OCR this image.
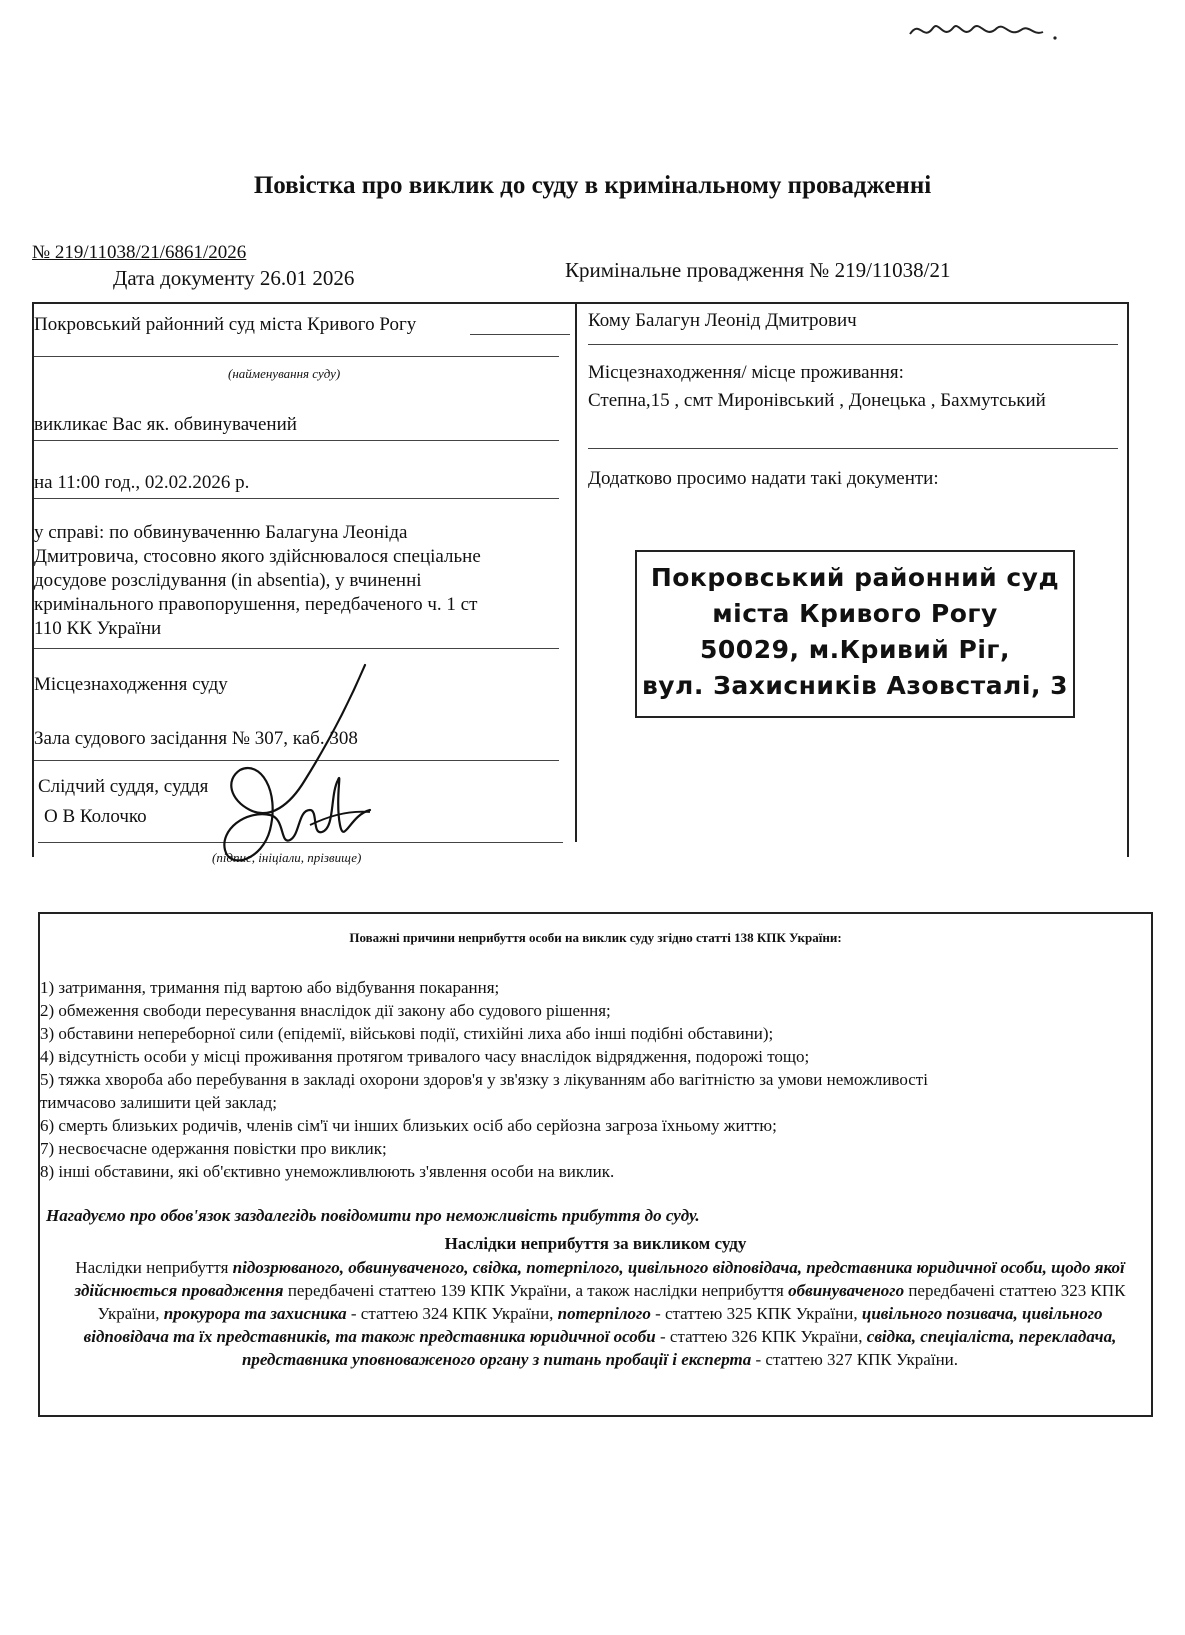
Повістка про виклик до суду в кримінальному провадженні
№ 219/11038/21/6861/2026
Дата документу 26.01 2026	Кримінальне провадження № 219/11038/21
Покровський районний суд міста Кривого Рогу
(найменування суду)
викликає Вас як. обвинувачений
на 11:00 год., 02.02.2026 р.
у справі: по обвинуваченню Балагуна Леоніда
Дмитровича, стосовно якого здійснювалося спеціальне
досудове розслідування (in absentia), у вчиненні
кримінального правопорушення, передбаченого ч. 1 ст
110 КК України
Місцезнаходження суду
Зала судового засідання № 307, каб. 308
Слідчий суддя, суддя
О В Колочко
(підпис, ініціали, прізвище)
Кому Балагун Леонід Дмитрович
Місцезнаходження/ місце проживання:
Степна,15 , смт Миронівський , Донецька , Бахмутський
Додатково просимо надати такі документи:
Покровський районний суд
міста Кривого Рогу
50029, м.Кривий Ріг,
вул. Захисників Азовсталі, 3
Поважні причини неприбуття особи на виклик суду згідно статті 138 КПК України:
1) затримання, тримання під вартою або відбування покарання;
2) обмеження свободи пересування внаслідок дії закону або судового рішення;
3) обставини непереборної сили (епідемії, військові події, стихійні лиха або інші подібні обставини);
4) відсутність особи у місці проживання протягом тривалого часу внаслідок відрядження, подорожі тощо;
5) тяжка хвороба або перебування в закладі охорони здоров'я у зв'язку з лікуванням або вагітністю за умови неможливості
тимчасово залишити цей заклад;
6) смерть близьких родичів, членів сім'ї чи інших близьких осіб або серйозна загроза їхньому життю;
7) несвоєчасне одержання повістки про виклик;
8) інші обставини, які об'єктивно унеможливлюють з'явлення особи на виклик.
Нагадуємо про обов'язок заздалегідь повідомити про неможливість прибуття до суду.
Наслідки неприбуття за викликом суду
Наслідки неприбуття підозрюваного, обвинуваченого, свідка, потерпілого, цивільного відповідача, представника юридичної особи, щодо якої здійснюється провадження передбачені статтею 139 КПК України, а також наслідки неприбуття обвинуваченого передбачені статтею 323 КПК України, прокурора та захисника - статтею 324 КПК України, потерпілого - статтею 325 КПК України, цивільного позивача, цивільного відповідача та їх представників, та також представника юридичної особи - статтею 326 КПК України, свідка, спеціаліста, перекладача, представника уповноваженого органу з питань пробації і експерта - статтею 327 КПК України.
